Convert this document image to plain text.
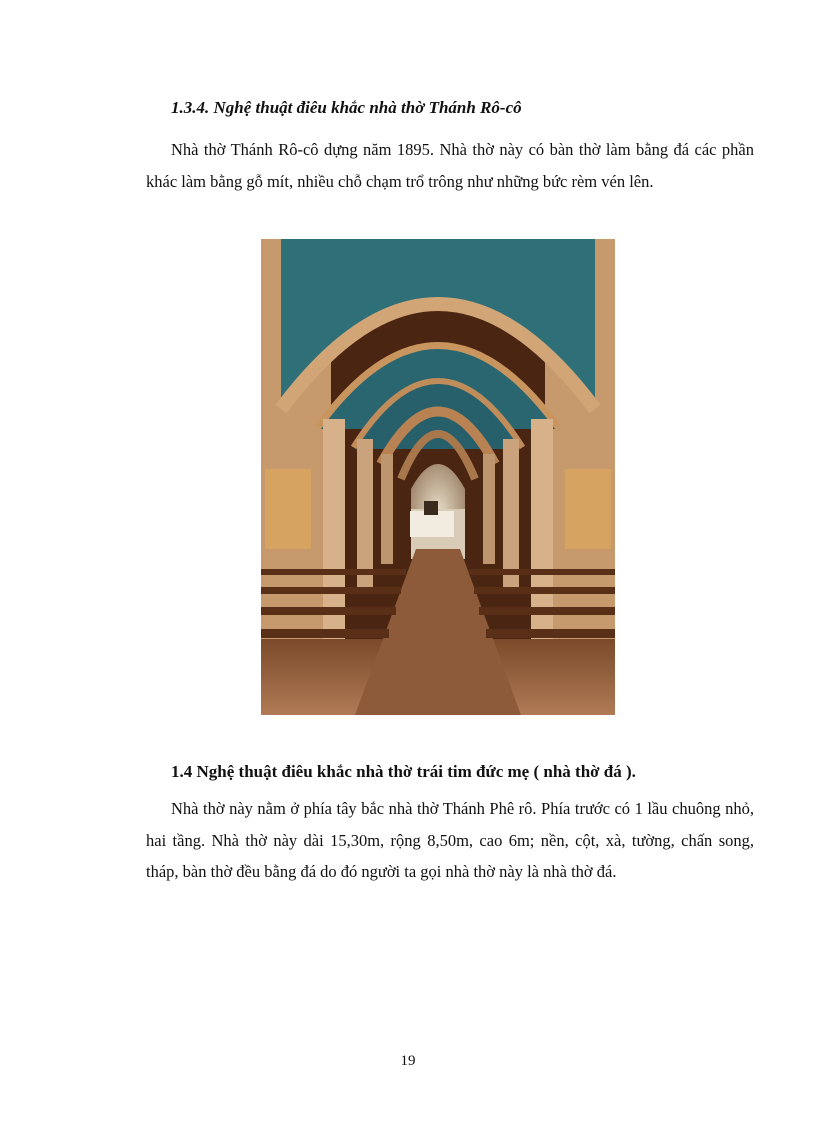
1.3.4. Nghệ thuật điêu khắc nhà thờ Thánh Rô-cô

Nhà thờ Thánh Rô-cô dựng năm 1895. Nhà thờ này có bàn thờ làm bằng đá các phần khác làm bằng gỗ mít, nhiều chỗ chạm trổ trông như những bức rèm vén lên.

1.4 Nghệ thuật điêu khắc nhà thờ trái tim đức mẹ ( nhà thờ đá ).

Nhà thờ này nằm ở phía tây bắc nhà thờ Thánh Phê rô. Phía trước có 1 lầu chuông nhỏ, hai tầng. Nhà thờ này dài 15,30m, rộng 8,50m, cao 6m; nền, cột, xà, tường, chấn song, tháp, bàn thờ đều bằng đá do đó người ta gọi nhà thờ này là nhà thờ đá.

19
